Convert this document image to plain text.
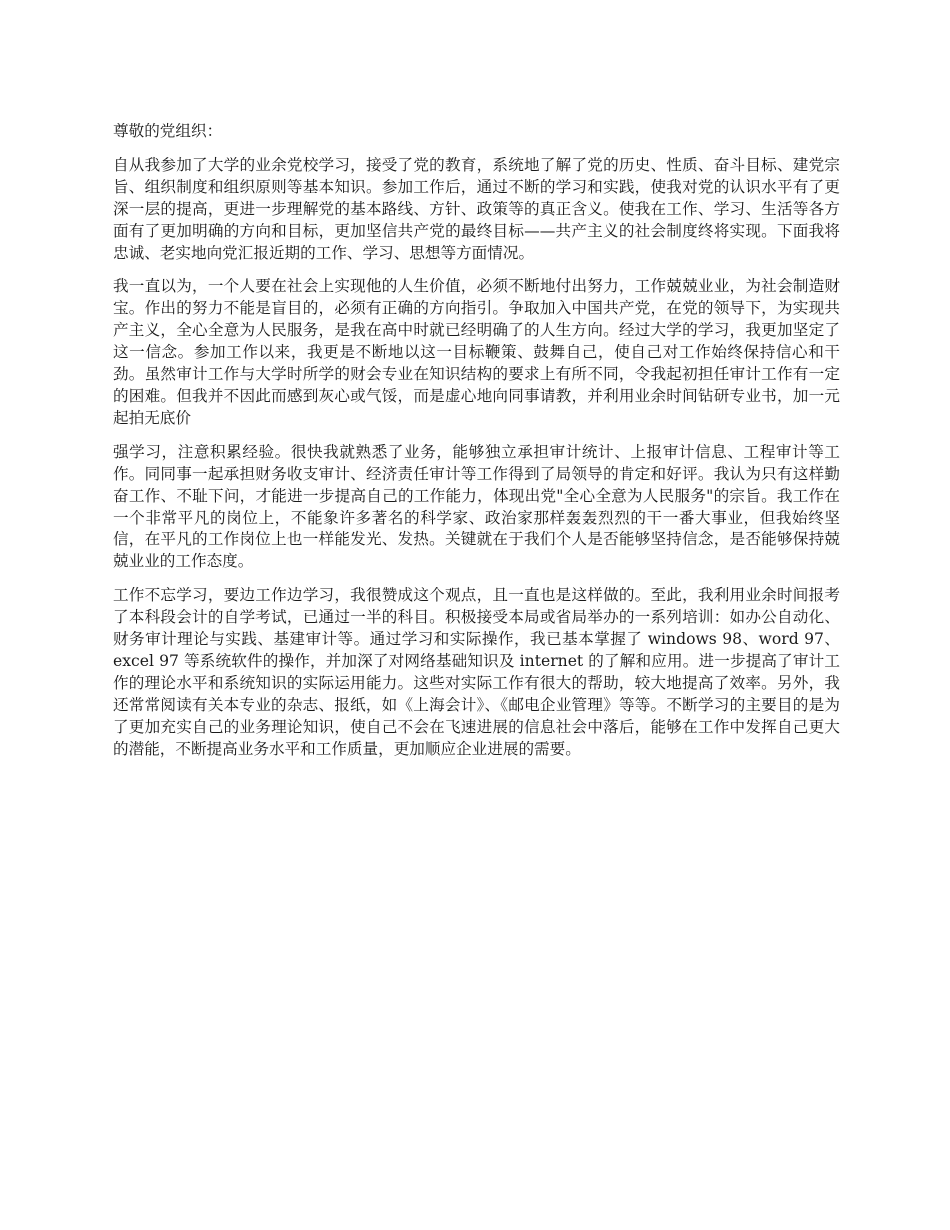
尊敬的党组织：

自从我参加了大学的业余党校学习，接受了党的教育，系统地了解了党的历史、性质、奋斗目标、建党宗旨、组织制度和组织原则等基本知识。参加工作后，通过不断的学习和实践，使我对党的认识水平有了更深一层的提高，更进一步理解党的基本路线、方针、政策等的真正含义。使我在工作、学习、生活等各方面有了更加明确的方向和目标，更加坚信共产党的最终目标——共产主义的社会制度终将实现。下面我将忠诚、老实地向党汇报近期的工作、学习、思想等方面情况。

我一直以为，一个人要在社会上实现他的人生价值，必须不断地付出努力，工作兢兢业业，为社会制造财宝。作出的努力不能是盲目的，必须有正确的方向指引。争取加入中国共产党，在党的领导下，为实现共产主义，全心全意为人民服务，是我在高中时就已经明确了的人生方向。经过大学的学习，我更加坚定了这一信念。参加工作以来，我更是不断地以这一目标鞭策、鼓舞自己，使自己对工作始终保持信心和干劲。虽然审计工作与大学时所学的财会专业在知识结构的要求上有所不同，令我起初担任审计工作有一定的困难。但我并不因此而感到灰心或气馁，而是虚心地向同事请教，并利用业余时间钻研专业书，加一元起拍无底价

强学习，注意积累经验。很快我就熟悉了业务，能够独立承担审计统计、上报审计信息、工程审计等工作。同同事一起承担财务收支审计、经济责任审计等工作得到了局领导的肯定和好评。我认为只有这样勤奋工作、不耻下问，才能进一步提高自己的工作能力，体现出党"全心全意为人民服务"的宗旨。我工作在一个非常平凡的岗位上，不能象许多著名的科学家、政治家那样轰轰烈烈的干一番大事业，但我始终坚信，在平凡的工作岗位上也一样能发光、发热。关键就在于我们个人是否能够坚持信念，是否能够保持兢兢业业的工作态度。

工作不忘学习，要边工作边学习，我很赞成这个观点，且一直也是这样做的。至此，我利用业余时间报考了本科段会计的自学考试，已通过一半的科目。积极接受本局或省局举办的一系列培训：如办公自动化、财务审计理论与实践、基建审计等。通过学习和实际操作，我已基本掌握了 windows 98、word 97、excel 97 等系统软件的操作，并加深了对网络基础知识及 internet 的了解和应用。进一步提高了审计工作的理论水平和系统知识的实际运用能力。这些对实际工作有很大的帮助，较大地提高了效率。另外，我还常常阅读有关本专业的杂志、报纸，如《上海会计》、《邮电企业管理》等等。不断学习的主要目的是为了更加充实自己的业务理论知识，使自己不会在飞速进展的信息社会中落后，能够在工作中发挥自己更大的潜能，不断提高业务水平和工作质量，更加顺应企业进展的需要。
